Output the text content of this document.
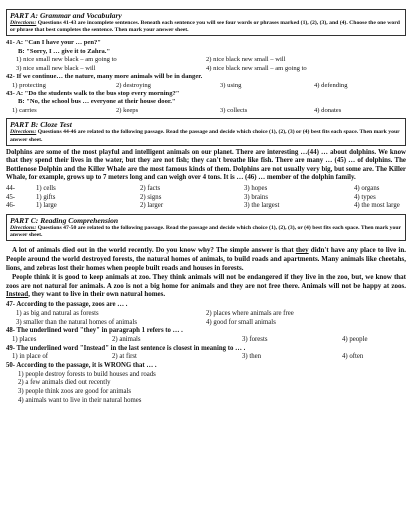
PART A: Grammar and Vocabulary
Directions: Questions 41-43 are incomplete sentences. Beneath each sentence you will see four words or phrases marked (1), (2), (3), and (4). Choose the one word or phrase that best completes the sentence. Then mark your answer sheet.
41- A: "Can I have your … pen?"
B: "Sorry, I … give it to Zahra."
1) nice small new black – am going to	2) nice black new small – will
3) nice small new black – will	4) nice black new small – am going to
42- If we continue… the nature, many more animals will be in danger.
1) protecting	2) destroying	3) using	4) defending
43- A: "Do the students walk to the bus stop every morning?"
B: "No, the school bus … everyone at their house door."
1) carries	2) keeps	3) collects	4) donates
PART B: Cloze Test
Directions: Questions 44-46 are related to the following passage. Read the passage and decide which choice (1), (2), (3) or (4) best fits each space. Then mark your answer sheet.
Dolphins are some of the most playful and intelligent animals on our planet. There are interesting …(44) … about dolphins. We know that they spend their lives in the water, but they are not fish; they can't breathe like fish. There are many … (45) … of dolphins. The Bottlenose Dolphin and the Killer Whale are the most famous kinds of them. Dolphins are not usually very big, but some are. The Killer Whale, for example, grows up to 7 meters long and can weigh over 4 tons. It is … (46) … member of the dolphin family.
44-	1) cells	2) facts	3) hopes	4) organs
45-	1) gifts	2) signs	3) brains	4) types
46-	1) large	2) larger	3) the largest	4) the most large
PART C: Reading Comprehension
Directions: Questions 47-50 are related to the following passage. Read the passage and decide which choice (1), (2), (3), or (4) best fits each space. Then mark your answer sheet.

A lot of animals died out in the world recently. Do you know why? The simple answer is that they didn't have any place to live in. People around the world destroyed forests, the natural homes of animals, to build roads and apartments. Many animals like cheetahs, lions, and zebras lost their homes when people built roads and houses in forests.

People think it is good to keep animals at zoo. They think animals will not be endangered if they live in the zoo, but, we know that zoos are not natural for animals. A zoo is not a big home for animals and they are not free there. Animals will not be happy at zoos. Instead, they want to live in their own natural homes.

47- According to the passage, zoos are … .
1) as big and natural as forests	2) places where animals are free
3) smaller than the natural homes of animals	4) good for small animals
48- The underlined word "they" in paragraph 1 refers to … .
1) places	2) animals	3) forests	4) people
49- The underlined word "Instead" in the last sentence is closest in meaning to … .
1) in place of	2) at first	3) then	4) often
50- According to the passage, it is WRONG that … .
1) people destroy forests to build houses and roads
2) a few animals died out recently
3) people think zoos are good for animals
4) animals want to live in their natural homes
